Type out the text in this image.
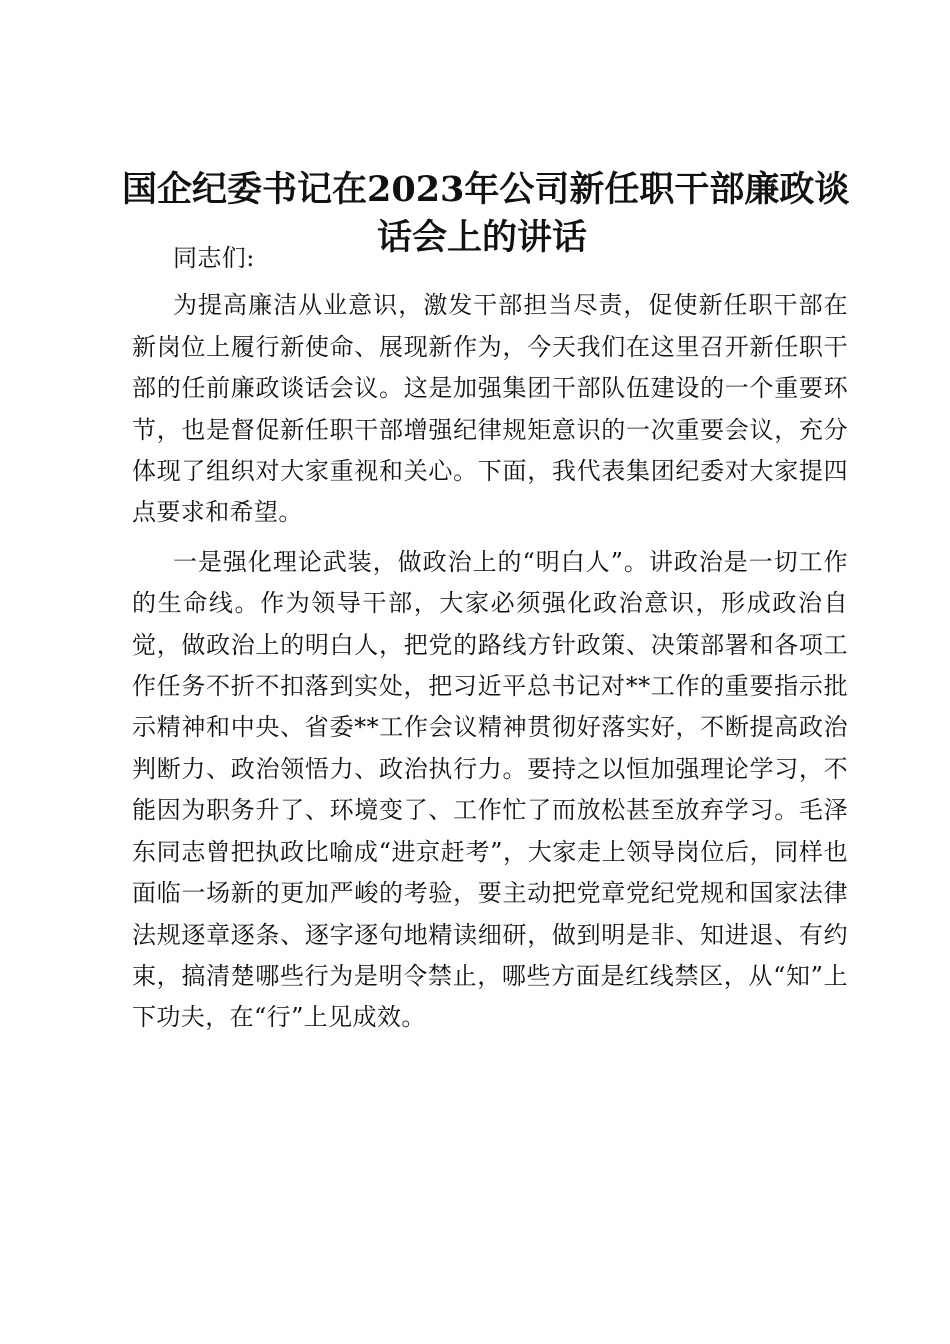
国企纪委书记在2023年公司新任职干部廉政谈
话会上的讲话

同志们:

为提高廉洁从业意识，激发干部担当尽责，促使新任职干部在新岗位上履行新使命、展现新作为，今天我们在这里召开新任职干部的任前廉政谈话会议。这是加强集团干部队伍建设的一个重要环节，也是督促新任职干部增强纪律规矩意识的一次重要会议，充分体现了组织对大家重视和关心。下面，我代表集团纪委对大家提四点要求和希望。

一是强化理论武装，做政治上的“明白人”。讲政治是一切工作的生命线。作为领导干部，大家必须强化政治意识，形成政治自觉，做政治上的明白人，把党的路线方针政策、决策部署和各项工作任务不折不扣落到实处，把习近平总书记对**工作的重要指示批示精神和中央、省委**工作会议精神贯彻好落实好，不断提高政治判断力、政治领悟力、政治执行力。要持之以恒加强理论学习，不能因为职务升了、环境变了、工作忙了而放松甚至放弃学习。毛泽东同志曾把执政比喻成“进京赶考”，大家走上领导岗位后，同样也面临一场新的更加严峻的考验，要主动把党章党纪党规和国家法律法规逐章逐条、逐字逐句地精读细研，做到明是非、知进退、有约束，搞清楚哪些行为是明令禁止，哪些方面是红线禁区，从“知”上下功夫，在“行”上见成效。
